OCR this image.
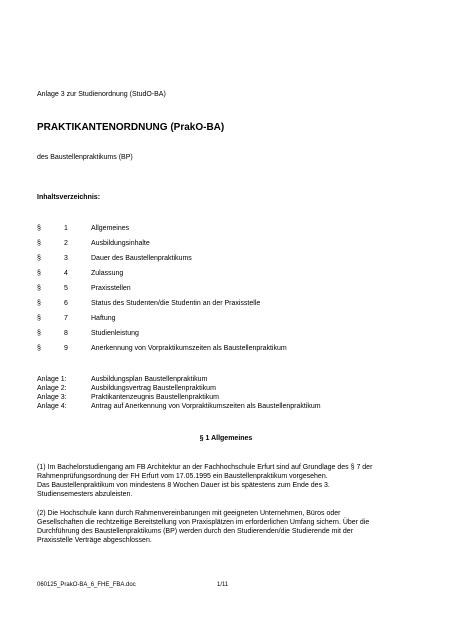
Anlage 3 zur Studienordnung (StudO-BA)
PRAKTIKANTENORDNUNG (PrakO-BA)
des Baustellenpraktikums (BP)
Inhaltsverzeichnis:
§	1	Allgemeines
§	2	Ausbildungsinhalte
§	3	Dauer des Baustellenpraktikums
§	4	Zulassung
§	5	Praxisstellen
§	6	Status des Studenten/die Studentin an der Praxisstelle
§	7	Haftung
§	8	Studienleistung
§	9	Anerkennung von Vorpraktikumszeiten als Baustellenpraktikum
Anlage 1:	Ausbildungsplan Baustellenpraktikum
Anlage 2:	Ausbildungsvertrag Baustellenpraktikum
Anlage 3:	Praktikantenzeugnis Baustellenpraktikum
Anlage 4:	Antrag auf Anerkennung von Vorpraktikumszeiten als Baustellenpraktikum
§ 1 Allgemeines
(1) Im Bachelorstudiengang am FB Architektur an der Fachhochschule Erfurt sind auf Grundlage des § 7 der
Rahmenprüfungsordnung der FH Erfurt vom 17.05.1995 ein Baustellenpraktikum vorgesehen.
Das Baustellenpraktikum von mindestens 8 Wochen Dauer ist bis spätestens zum Ende des 3.
Studiensemesters abzuleisten.
(2) Die Hochschule kann durch Rahmenvereinbarungen mit geeigneten Unternehmen, Büros oder
Gesellschaften die rechtzeitige Bereitstellung von Praxisplätzen im erforderlichen Umfang sichern. Über die
Durchführung des Baustellenpraktikums (BP) werden durch den Studierenden/die Studierende mit der
Praxisstelle Verträge abgeschlossen.
060125_PrakO-BA_6_FHE_FBA.doc	1/11
